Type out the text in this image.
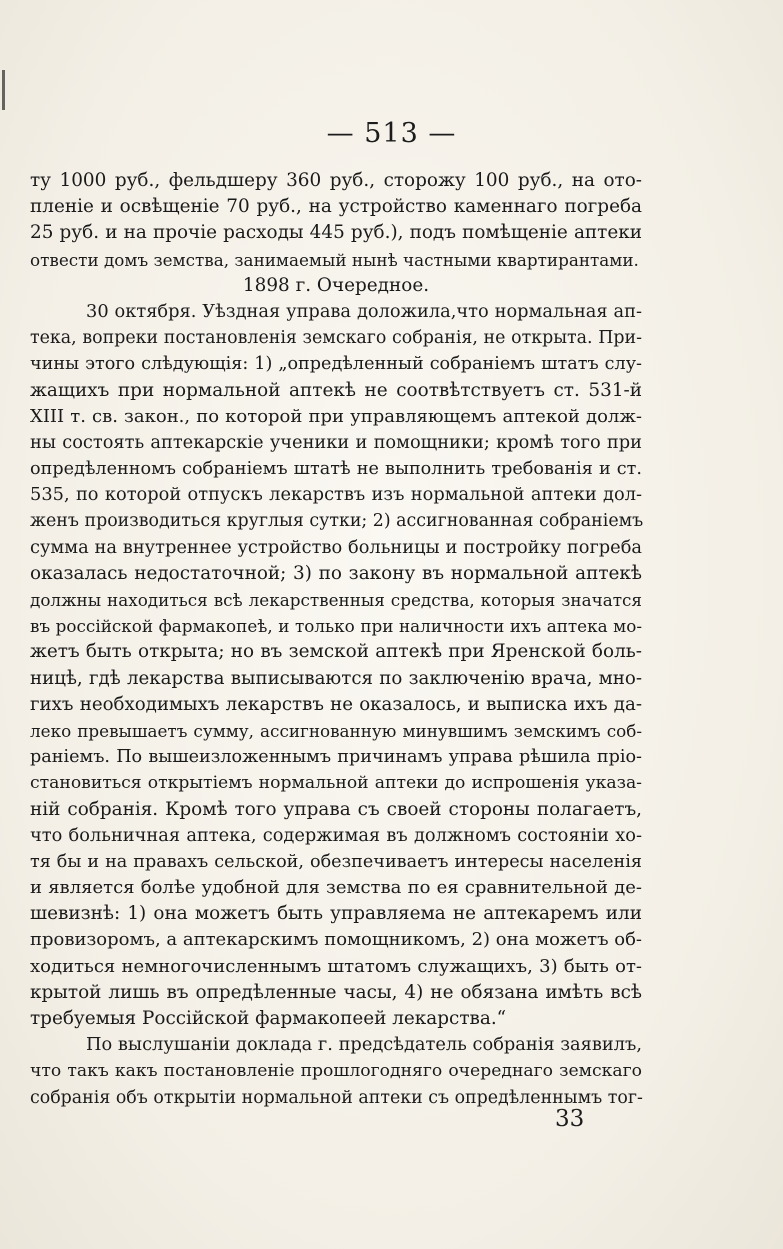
— 513 —
ту 1000 руб., фельдшеру 360 руб., сторожу 100 руб., на ото-
пленіе и освѣщеніе 70 руб., на устройство каменнаго погреба
25 руб. и на прочіе расходы 445 руб.), подъ помѣщеніе аптеки
отвести домъ земства, занимаемый нынѣ частными квартирантами.
1898 г. Очередное.
30 октября. Уѣздная управа доложила,что нормальная ап-
тека, вопреки постановленія земскаго собранія, не открыта. При-
чины этого слѣдующія: 1) „опредѣленный собраніемъ штатъ слу-
жащихъ при нормальной аптекѣ не соотвѣтствуетъ ст. 531-й
XIII т. св. закон., по которой при управляющемъ аптекой долж-
ны состоять аптекарскіе ученики и помощники; кромѣ того при
опредѣленномъ собраніемъ штатѣ не выполнить требованія и ст.
535, по которой отпускъ лекарствъ изъ нормальной аптеки дол-
женъ производиться круглыя сутки; 2) ассигнованная собраніемъ
сумма на внутреннее устройство больницы и постройку погреба
оказалась недостаточной; 3) по закону въ нормальной аптекѣ
должны находиться всѣ лекарственныя средства, которыя значатся
въ россійской фармакопеѣ, и только при наличности ихъ аптека мо-
жетъ быть открыта; но въ земской аптекѣ при Яренской боль-
ницѣ, гдѣ лекарства выписываются по заключенію врача, мно-
гихъ необходимыхъ лекарствъ не оказалось, и выписка ихъ да-
леко превышаетъ сумму, ассигнованную минувшимъ земскимъ соб-
раніемъ. По вышеизложеннымъ причинамъ управа рѣшила пріо-
становиться открытіемъ нормальной аптеки до испрошенія указа-
ній собранія. Кромѣ того управа съ своей стороны полагаетъ,
что больничная аптека, содержимая въ должномъ состояніи хо-
тя бы и на правахъ сельской, обезпечиваетъ интересы населенія
и является болѣе удобной для земства по ея сравнительной де-
шевизнѣ: 1) она можетъ быть управляема не аптекаремъ или
провизоромъ, а аптекарскимъ помощникомъ, 2) она можетъ об-
ходиться немногочисленнымъ штатомъ служащихъ, 3) быть от-
крытой лишь въ опредѣленные часы, 4) не обязана имѣть всѣ
требуемыя Россійской фармакопеей лекарства.“
По выслушаніи доклада г. предсѣдатель собранія заявилъ,
что такъ какъ постановленіе прошлогодняго очереднаго земскаго
собранія объ открытіи нормальной аптеки съ опредѣленнымъ тог-
33
